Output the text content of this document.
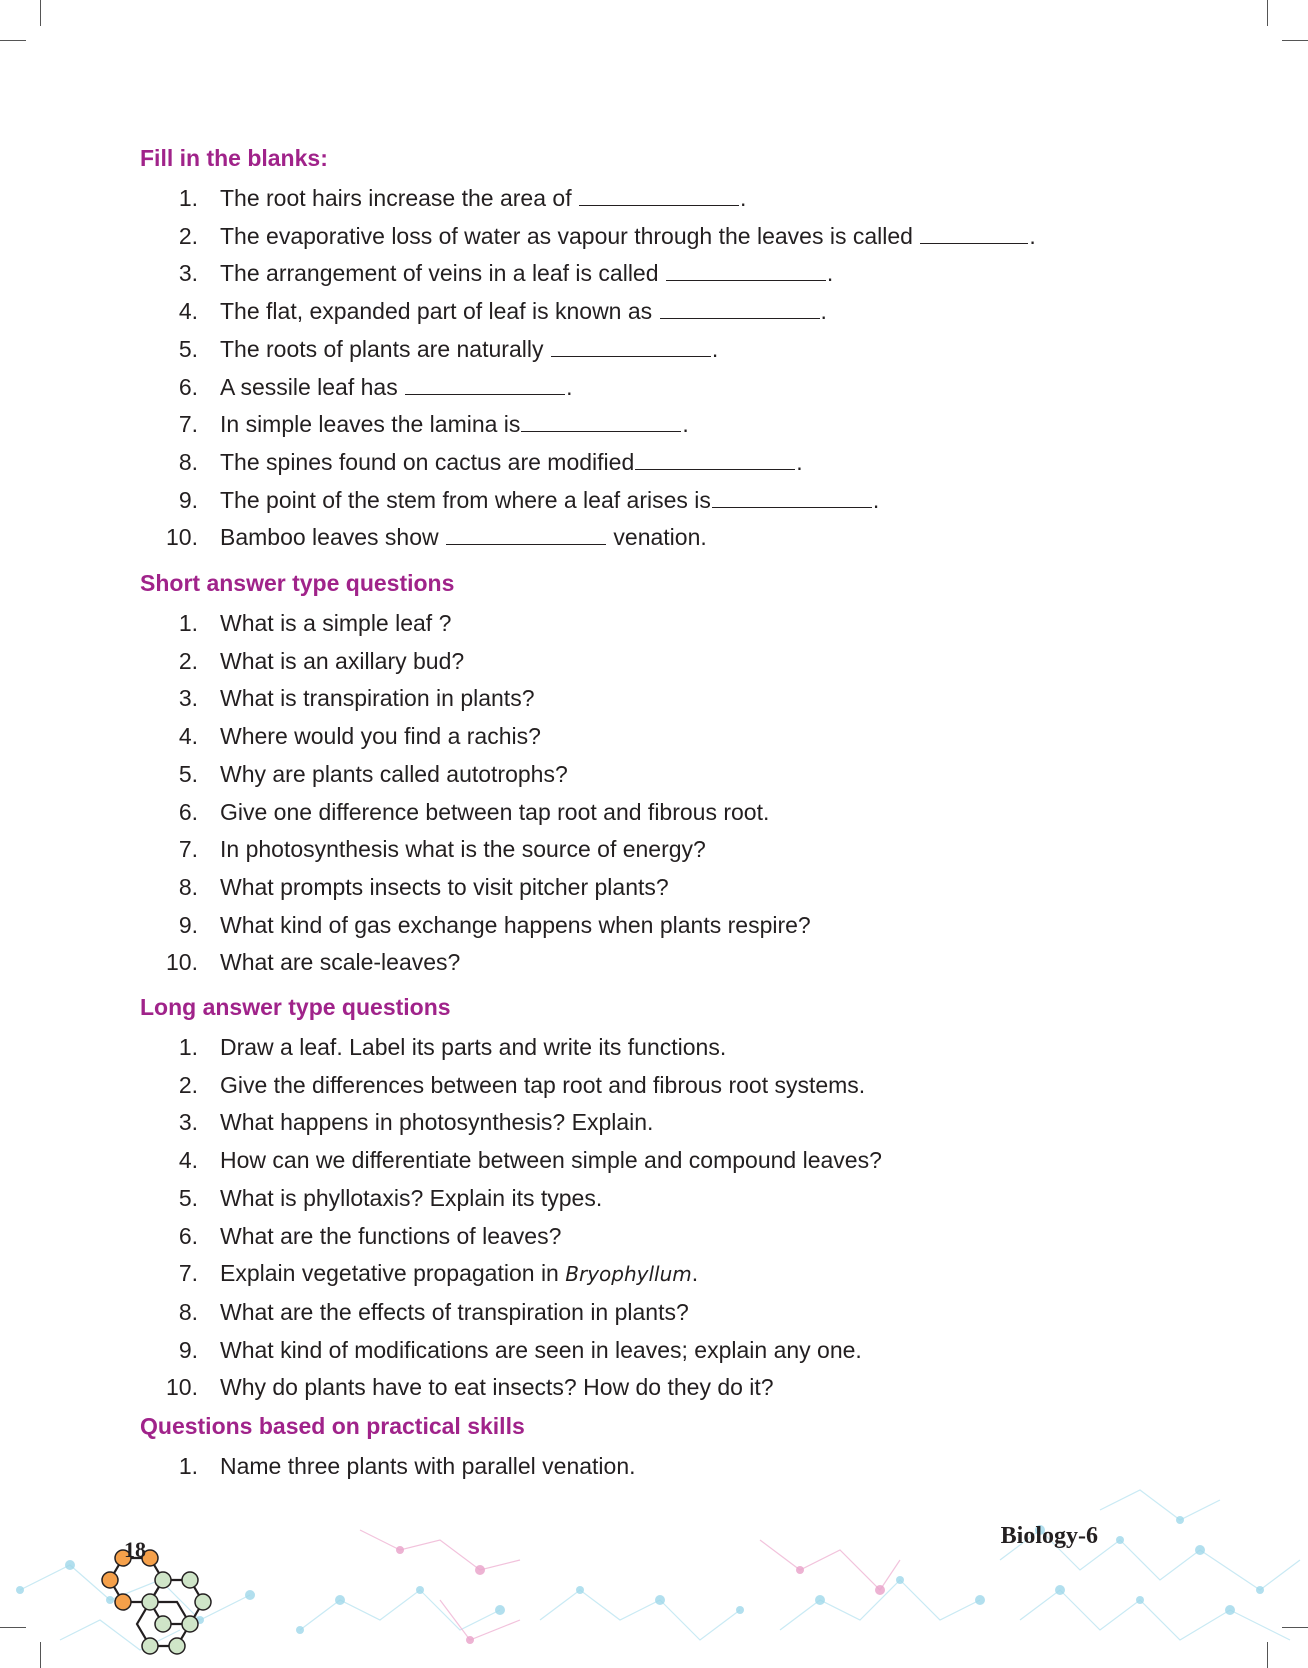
Fill in the blanks:
1. The root hairs increase the area of	.
2. The evaporative loss of water as vapour through the leaves is called	.
3. The arrangement of veins in a leaf is called	.
4. The flat, expanded part of leaf is known as	.
5. The roots of plants are naturally	.
6. A sessile leaf has	.
7. In simple leaves the lamina is	.
8. The spines found on cactus are modified	.
9. The point of the stem from where a leaf arises is	.
10. Bamboo leaves show	venation.
Short answer type questions
1. What is a simple leaf ?
2. What is an axillary bud?
3. What is transpiration in plants?
4. Where would you find a rachis?
5. Why are plants called autotrophs?
6. Give one difference between tap root and fibrous root.
7. In photosynthesis what is the source of energy?
8. What prompts insects to visit pitcher plants?
9. What kind of gas exchange happens when plants respire?
10. What are scale-leaves?
Long answer type questions
1. Draw a leaf. Label its parts and write its functions.
2. Give the differences between tap root and fibrous root systems.
3. What happens in photosynthesis? Explain.
4. How can we differentiate between simple and compound leaves?
5. What is phyllotaxis? Explain its types.
6. What are the functions of leaves?
7. Explain vegetative propagation in Bryophyllum.
8. What are the effects of transpiration in plants?
9. What kind of modifications are seen in leaves; explain any one.
10. Why do plants have to eat insects? How do they do it?
Questions based on practical skills
1. Name three plants with parallel venation.
18
Biology-6
